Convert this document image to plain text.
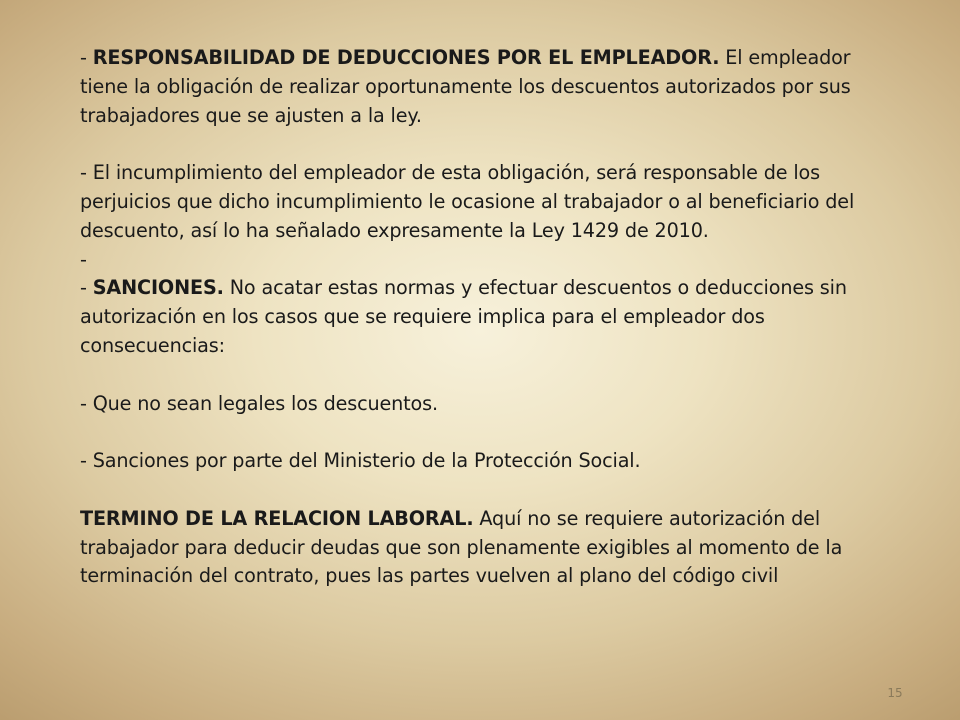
- RESPONSABILIDAD DE DEDUCCIONES POR EL EMPLEADOR. El empleador tiene la obligación de realizar oportunamente los descuentos autorizados por sus trabajadores que se ajusten a la ley.

- El incumplimiento del empleador de esta obligación, será responsable de los perjuicios que dicho incumplimiento le ocasione al trabajador o al beneficiario del descuento, así lo ha señalado expresamente la Ley 1429 de 2010.

-

- SANCIONES. No acatar estas normas y efectuar descuentos o deducciones sin autorización en los casos que se requiere implica para el empleador dos consecuencias:

- Que no sean legales los descuentos.

- Sanciones por parte del Ministerio de la Protección Social.

TERMINO DE LA RELACION LABORAL. Aquí no se requiere autorización del trabajador para deducir deudas que son plenamente exigibles al momento de la terminación del contrato, pues las partes vuelven al plano del código civil

15
